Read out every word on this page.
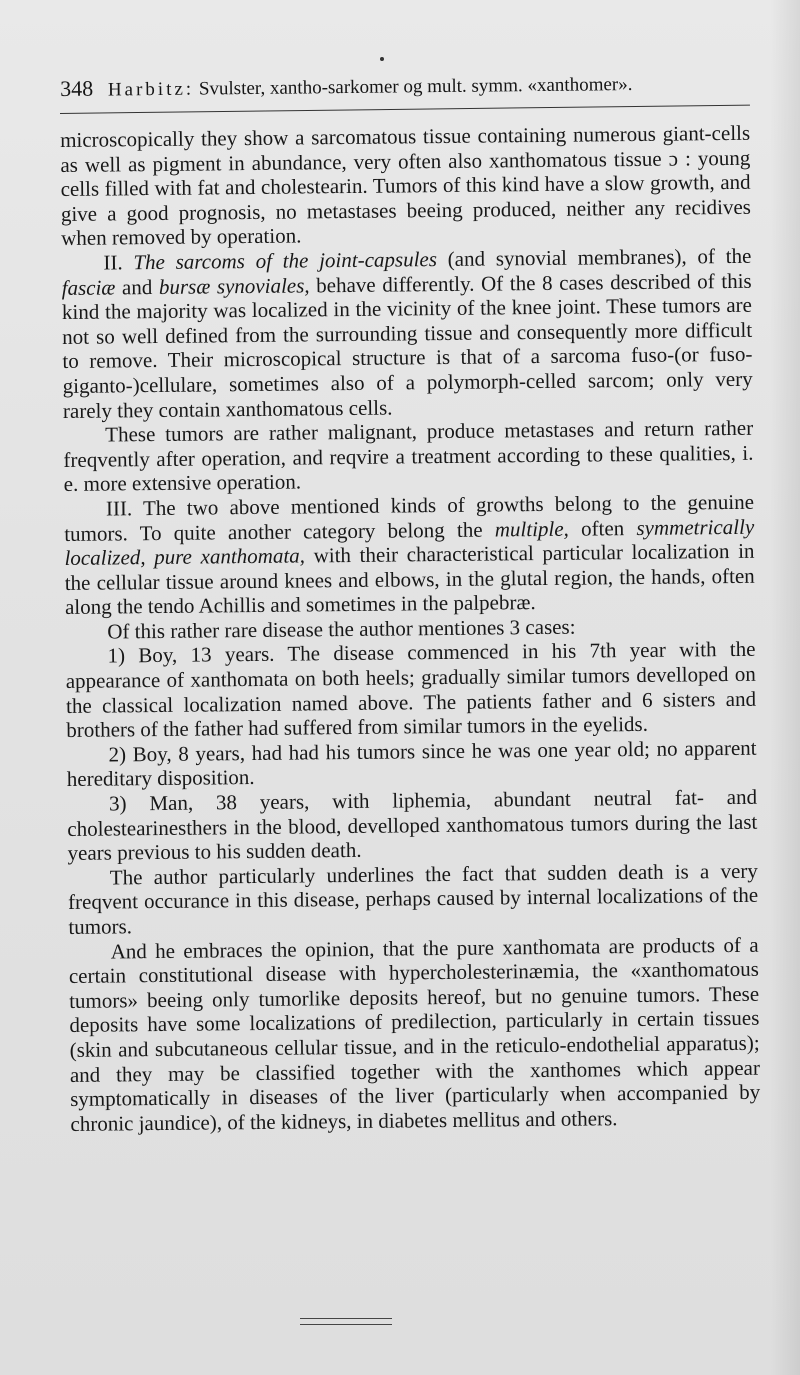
348 Harbitz: Svulster, xantho-sarkomer og mult. symm. «xanthomer».

microscopically they show a sarcomatous tissue containing numerous giant-cells as well as pigment in abundance, very often also xanthomatous tissue ɔ : young cells filled with fat and cholestearin. Tumors of this kind have a slow growth, and give a good prognosis, no metastases beeing produced, neither any recidives when removed by operation.

II. The sarcoms of the joint-capsules (and synovial membranes), of the fasciæ and bursæ synoviales, behave differently. Of the 8 cases described of this kind the majority was localized in the vicinity of the knee joint. These tumors are not so well defined from the surrounding tissue and consequently more difficult to remove. Their microscopical structure is that of a sarcoma fuso-(or fuso-giganto-)cellulare, sometimes also of a polymorph-celled sarcom; only very rarely they contain xanthomatous cells.

These tumors are rather malignant, produce metastases and return rather freqvently after operation, and reqvire a treatment according to these qualities, i. e. more extensive operation.

III. The two above mentioned kinds of growths belong to the genuine tumors. To quite another category belong the multiple, often symmetrically localized, pure xanthomata, with their characteristical particular localization in the cellular tissue around knees and elbows, in the glutal region, the hands, often along the tendo Achillis and sometimes in the palpebræ.

Of this rather rare disease the author mentiones 3 cases:

1) Boy, 13 years. The disease commenced in his 7th year with the appearance of xanthomata on both heels; gradually similar tumors develloped on the classical localization named above. The patients father and 6 sisters and brothers of the father had suffered from similar tumors in the eyelids.

2) Boy, 8 years, had had his tumors since he was one year old; no apparent hereditary disposition.

3) Man, 38 years, with liphemia, abundant neutral fat- and cholestearinesthers in the blood, develloped xanthomatous tumors during the last years previous to his sudden death.

The author particularly underlines the fact that sudden death is a very freqvent occurance in this disease, perhaps caused by internal localizations of the tumors.

And he embraces the opinion, that the pure xanthomata are products of a certain constitutional disease with hypercholesterinæmia, the «xanthomatous tumors» beeing only tumorlike deposits hereof, but no genuine tumors. These deposits have some localizations of predilection, particularly in certain tissues (skin and subcutaneous cellular tissue, and in the reticulo-endothelial apparatus); and they may be classified together with the xanthomes which appear symptomatically in diseases of the liver (particularly when accompanied by chronic jaundice), of the kidneys, in diabetes mellitus and others.
